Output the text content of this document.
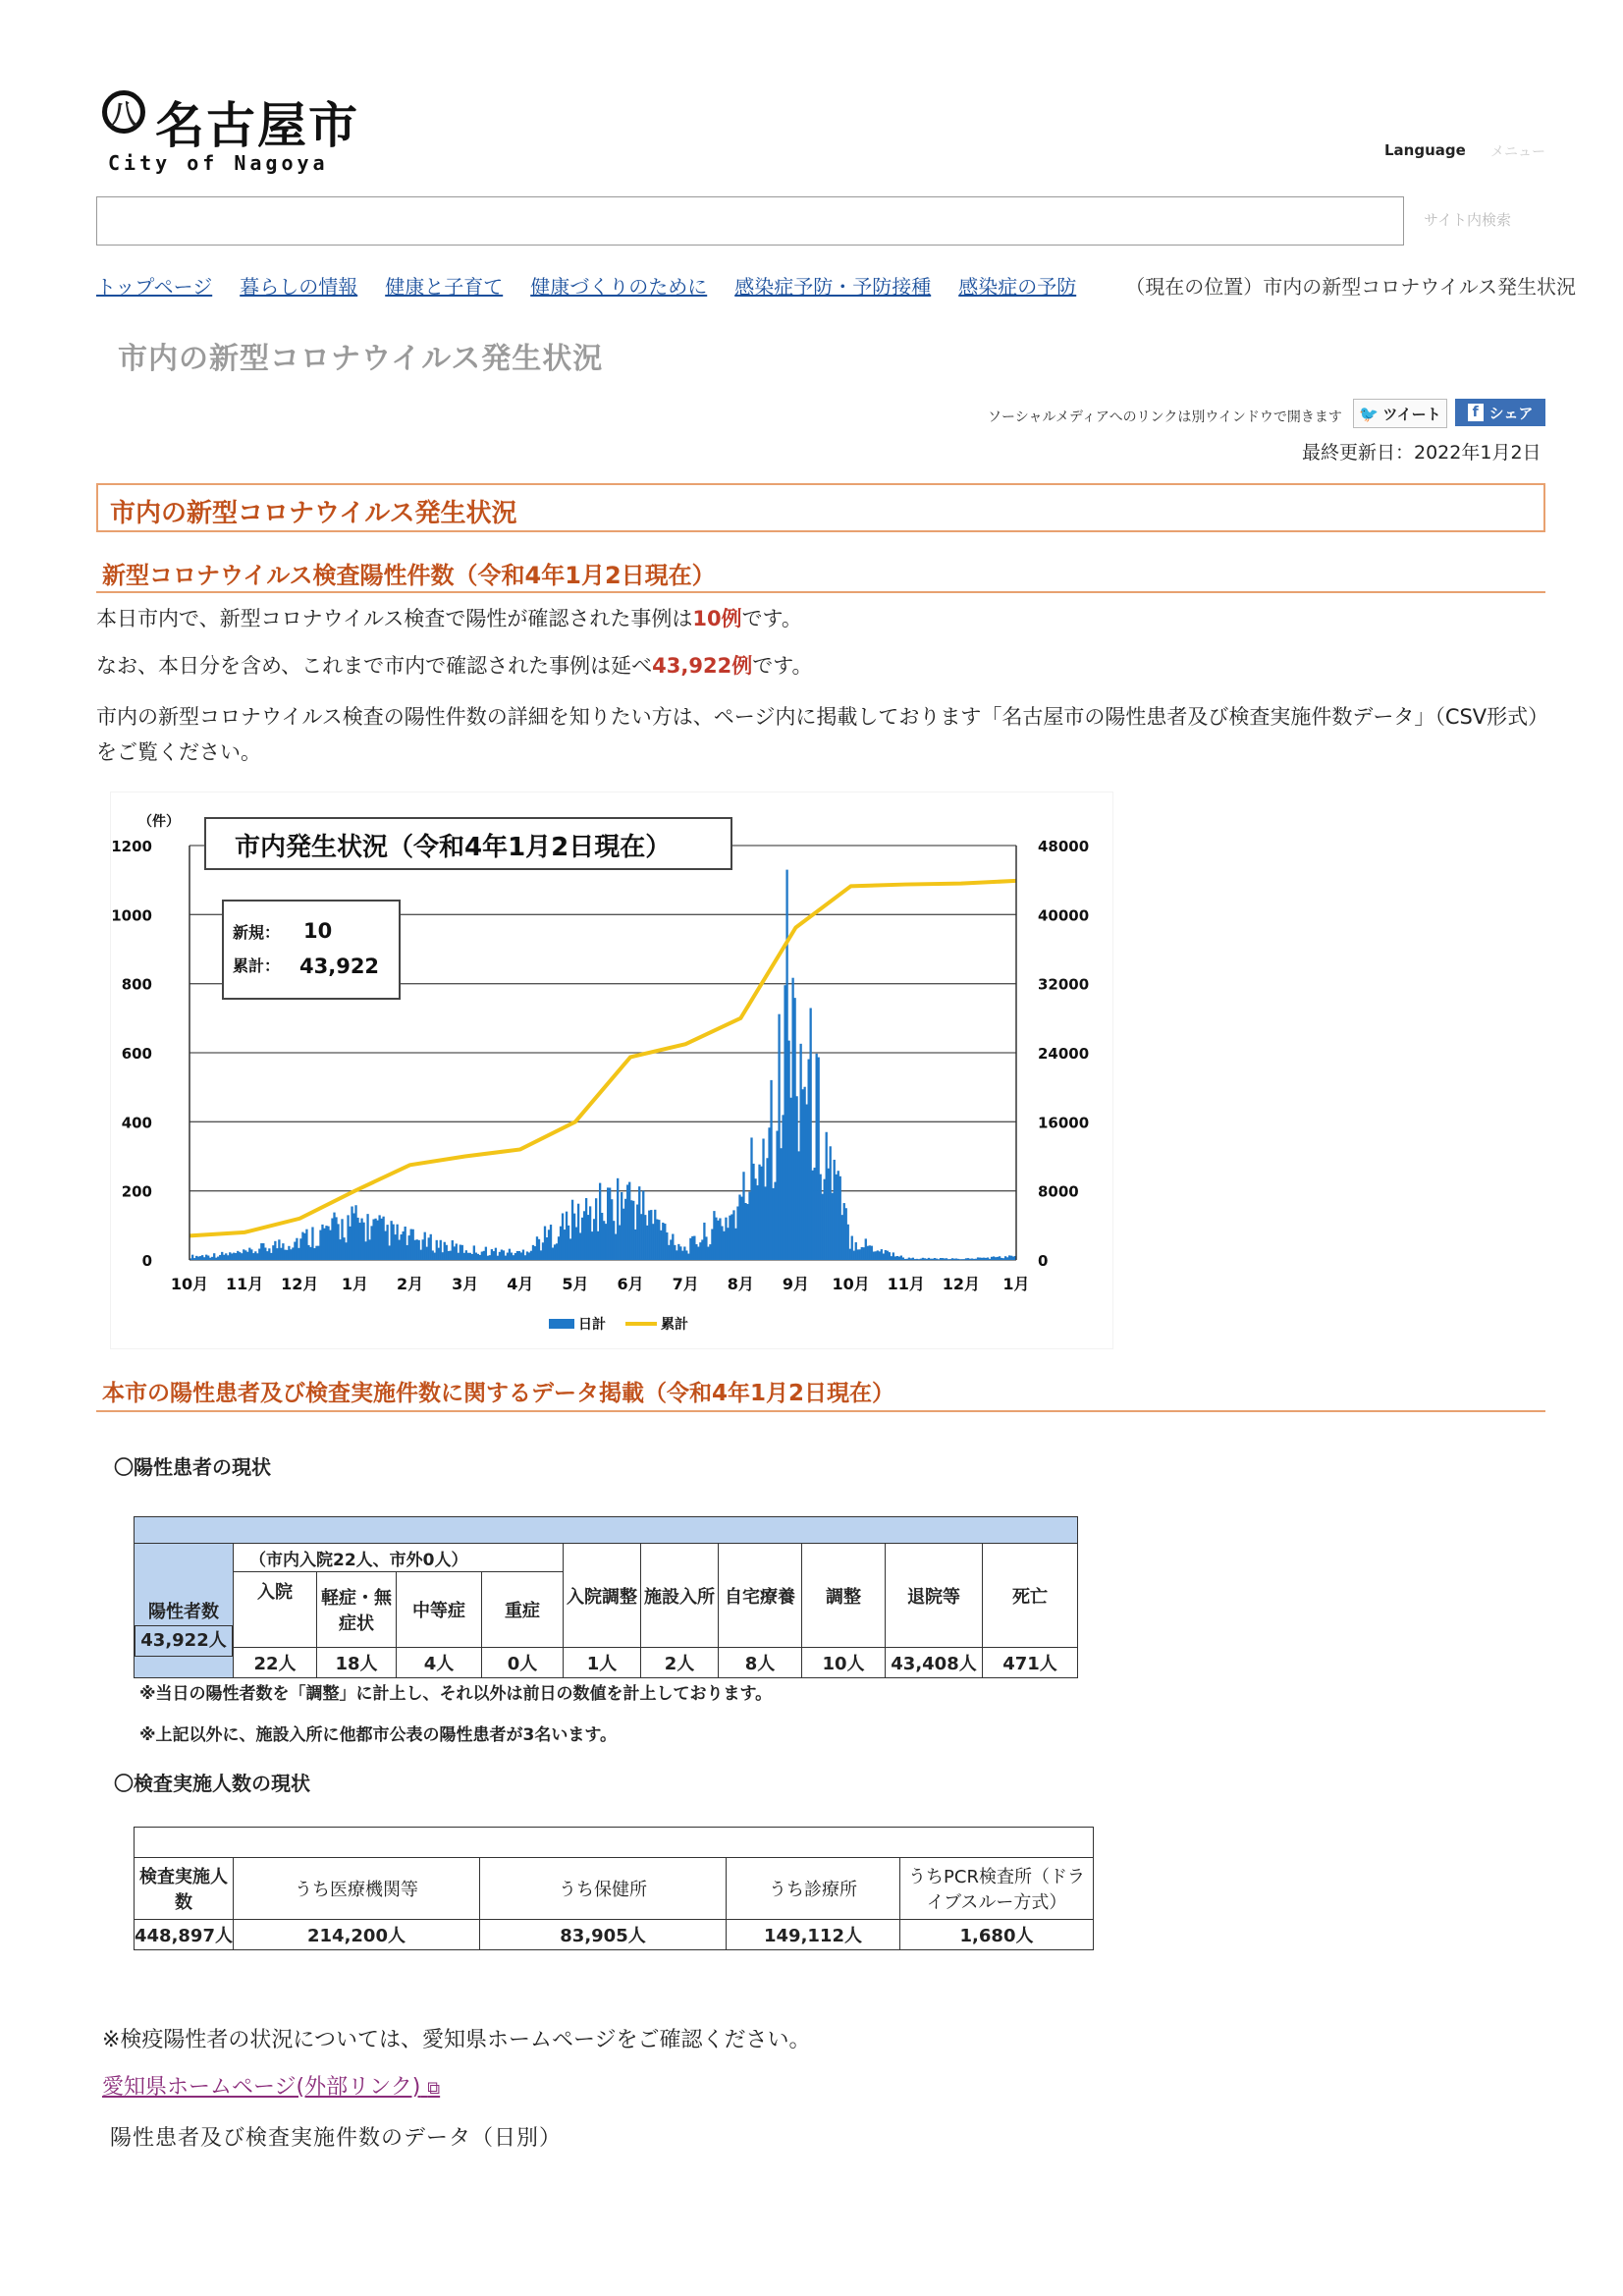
八 名古屋市
City of Nagoya
Language メニュー
サイト内検索
トップページ 暮らしの情報 健康と子育て 健康づくりのために 感染症予防・予防接種 感染症の予防	（現在の位置）市内の新型コロナウイルス発生状況
市内の新型コロナウイルス発生状況
ソーシャルメディアへのリンクは別ウインドウで開きます 🐦 ツイート	f シェア
最終更新日：2022年1月2日
市内の新型コロナウイルス発生状況
新型コロナウイルス検査陽性件数（令和4年1月2日現在）
本日市内で、新型コロナウイルス検査で陽性が確認された事例は10例です。
なお、本日分を含め、これまで市内で確認された事例は延べ43,922例です。
市内の新型コロナウイルス検査の陽性件数の詳細を知りたい方は、ページ内に掲載しております「名古屋市の陽性患者及び検査実施件数データ」（CSV形式）をご覧ください。
1200	48000
1000	40000
800	32000
600	24000
400	16000
200	8000
0	0
10月 11月 12月 1月 2月 3月 4月 5月 6月 7月 8月 9月 10月 11月 12月 1月
市内発生状況（令和4年1月2日現在）
新規： 10
累計： 43,922
（件）
日計	累計
本市の陽性患者及び検査実施件数に関するデータ掲載（令和4年1月2日現在）
〇陽性患者の現状

陽性者数	（市内入院22人、市外0人）				入院調整	施設入所	自宅療養	調整	退院等	死亡
	入院	軽症・無症状	中等症	重症						
	22人	18人	4人	0人	1人	2人	8人	10人	43,408人	471人
43,922人
※当日の陽性者数を「調整」に計上し、それ以外は前日の数値を計上しております。
※上記以外に、施設入所に他都市公表の陽性患者が3名います。
〇検査実施人数の現状

検査実施人数	うち医療機関等	うち保健所	うち診療所	うちPCR検査所（ドライブスルー方式）
448,897人	214,200人	83,905人	149,112人	1,680人
※検疫陽性者の状況については、愛知県ホームページをご確認ください。
愛知県ホームページ(外部リンク) ⧉
陽性患者及び検査実施件数のデータ（日別）
